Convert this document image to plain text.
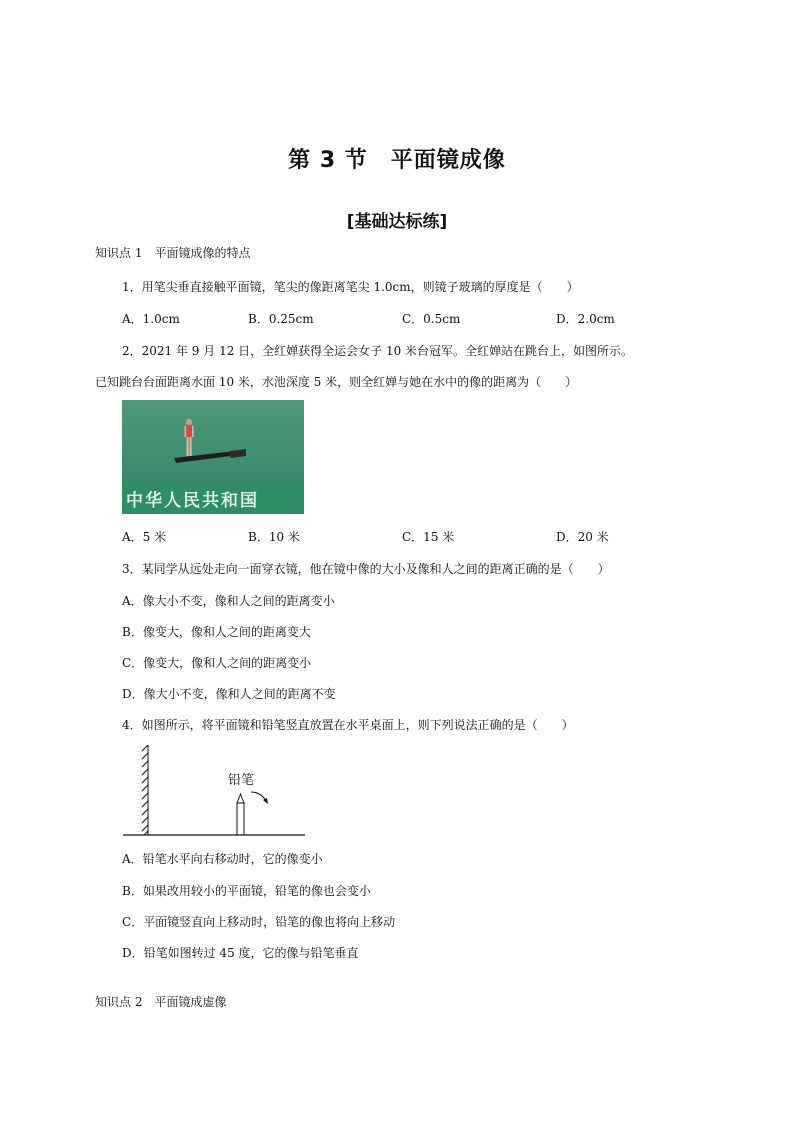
第 3 节　平面镜成像
[基础达标练]
知识点 1　平面镜成像的特点
1．用笔尖垂直接触平面镜，笔尖的像距离笔尖 1.0cm，则镜子玻璃的厚度是（　　）
A．1.0cm	B．0.25cm	C．0.5cm	D．2.0cm
2．2021 年 9 月 12 日，全红婵获得全运会女子 10 米台冠军。全红婵站在跳台上，如图所示。
已知跳台台面距离水面 10 米，水池深度 5 米，则全红婵与她在水中的像的距离为（　　）
中华人民共和国
A．5 米	B．10 米	C．15 米	D．20 米
3．某同学从远处走向一面穿衣镜，他在镜中像的大小及像和人之间的距离正确的是（　　）
A．像大小不变，像和人之间的距离变小
B．像变大，像和人之间的距离变大
C．像变大，像和人之间的距离变小
D．像大小不变，像和人之间的距离不变
4．如图所示，将平面镜和铅笔竖直放置在水平桌面上，则下列说法正确的是（　　）
铅笔
A．铅笔水平向右移动时，它的像变小
B．如果改用较小的平面镜，铅笔的像也会变小
C．平面镜竖直向上移动时，铅笔的像也将向上移动
D．铅笔如图转过 45 度，它的像与铅笔垂直
知识点 2　平面镜成虚像
